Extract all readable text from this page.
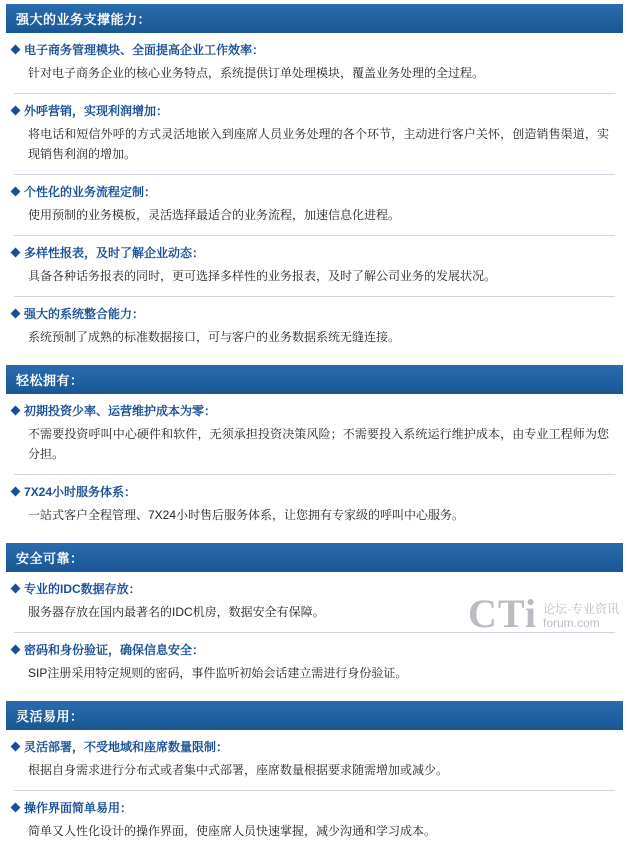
强大的业务支撑能力：
电子商务管理模块、全面提高企业工作效率：
针对电子商务企业的核心业务特点，系统提供订单处理模块，覆盖业务处理的全过程。
外呼营销，实现利润增加：
将电话和短信外呼的方式灵活地嵌入到座席人员业务处理的各个环节，主动进行客户关怀，创造销售渠道，实现销售利润的增加。
个性化的业务流程定制：
使用预制的业务模板，灵活选择最适合的业务流程，加速信息化进程。
多样性报表，及时了解企业动态：
具备各种话务报表的同时，更可选择多样性的业务报表，及时了解公司业务的发展状况。
强大的系统整合能力：
系统预制了成熟的标准数据接口，可与客户的业务数据系统无缝连接。
轻松拥有：
初期投资少率、运营维护成本为零：
不需要投资呼叫中心硬件和软件，无须承担投资决策风险；不需要投入系统运行维护成本，由专业工程师为您分担。
7X24小时服务体系：
一站式客户全程管理、7X24小时售后服务体系，让您拥有专家级的呼叫中心服务。
安全可靠：
专业的IDC数据存放：
服务器存放在国内最著名的IDC机房，数据安全有保障。
密码和身份验证，确保信息安全：
SIP注册采用特定规则的密码，事件监听初始会话建立需进行身份验证。
灵活易用：
灵活部署，不受地域和座席数量限制：
根据自身需求进行分布式或者集中式部署，座席数量根据要求随需增加或减少。
操作界面简单易用：
简单又人性化设计的操作界面，使座席人员快速掌握，减少沟通和学习成本。
CTi 论坛·专业资讯
forum.com
